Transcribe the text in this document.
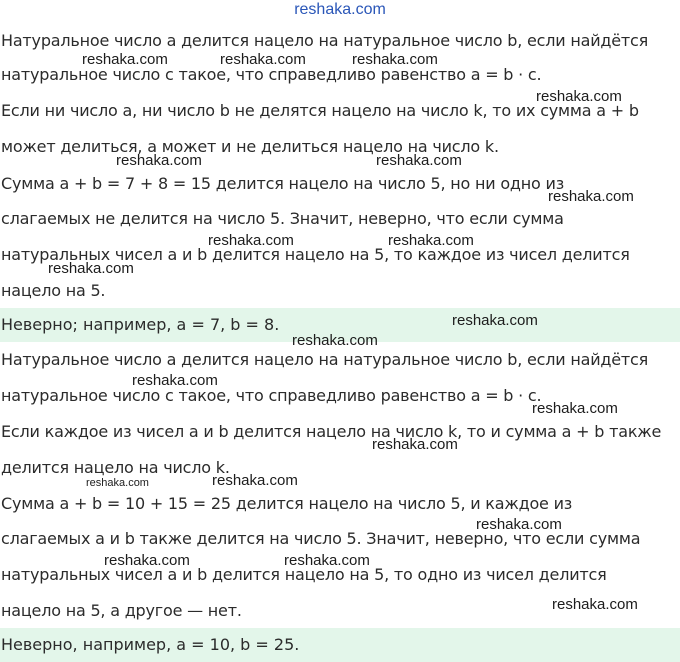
reshaka.com
Натуральное число a делится нацело на натуральное число b, если найдётся
натуральное число c такое, что справедливо равенство a = b · c.
Если ни число a, ни число b не делятся нацело на число k, то их сумма a + b
может делиться, а может и не делиться нацело на число k.
Сумма a + b = 7 + 8 = 15 делится нацело на число 5, но ни одно из
слагаемых не делится на число 5. Значит, неверно, что если сумма
натуральных чисел a и b делится нацело на 5, то каждое из чисел делится
нацело на 5.
Неверно; например, a = 7, b = 8.
Натуральное число a делится нацело на натуральное число b, если найдётся
натуральное число c такое, что справедливо равенство a = b · c.
Если каждое из чисел a и b делится нацело на число k, то и сумма a + b также
делится нацело на число k.
Сумма a + b = 10 + 15 = 25 делится нацело на число 5, и каждое из
слагаемых a и b также делится на число 5. Значит, неверно, что если сумма
натуральных чисел a и b делится нацело на 5, то одно из чисел делится
нацело на 5, а другое — нет.
Неверно, например, a = 10, b = 25.
reshaka.com	reshaka.com	reshaka.com
reshaka.com
reshaka.com	reshaka.com
reshaka.com
reshaka.com	reshaka.com
reshaka.com
reshaka.com
reshaka.com
reshaka.com
reshaka.com
reshaka.com
reshaka.com
reshaka.com
reshaka.com
reshaka.com	reshaka.com
reshaka.com
